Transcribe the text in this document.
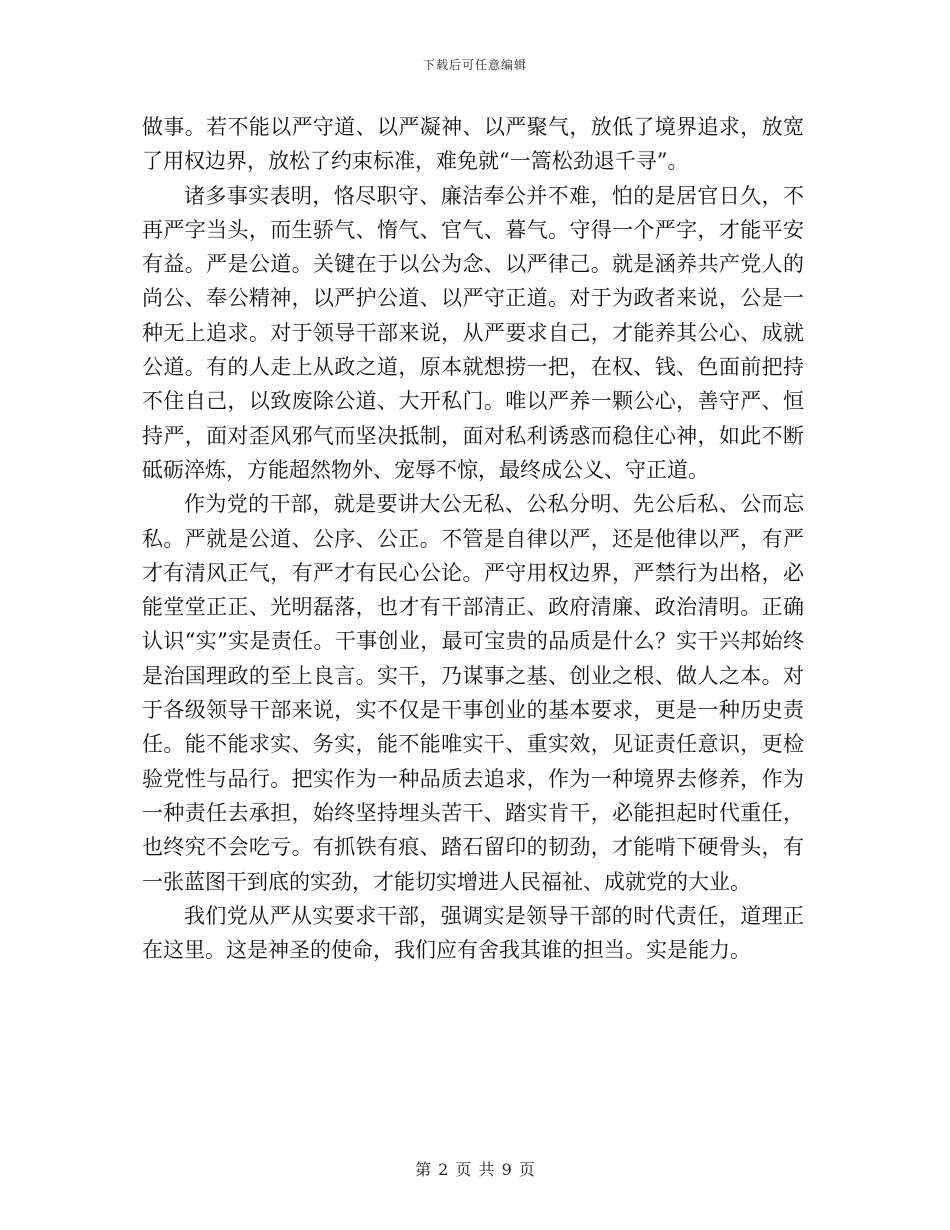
下载后可任意编辑

做事。若不能以严守道、以严凝神、以严聚气，放低了境界追求，放宽了用权边界，放松了约束标准，难免就“一篙松劲退千寻”。

诸多事实表明，恪尽职守、廉洁奉公并不难，怕的是居官日久，不再严字当头，而生骄气、惰气、官气、暮气。守得一个严字，才能平安有益。严是公道。关键在于以公为念、以严律己。就是涵养共产党人的尚公、奉公精神，以严护公道、以严守正道。对于为政者来说，公是一种无上追求。对于领导干部来说，从严要求自己，才能养其公心、成就公道。有的人走上从政之道，原本就想捞一把，在权、钱、色面前把持不住自己，以致废除公道、大开私门。唯以严养一颗公心，善守严、恒持严，面对歪风邪气而坚决抵制，面对私利诱惑而稳住心神，如此不断砥砺淬炼，方能超然物外、宠辱不惊，最终成公义、守正道。

作为党的干部，就是要讲大公无私、公私分明、先公后私、公而忘私。严就是公道、公序、公正。不管是自律以严，还是他律以严，有严才有清风正气，有严才有民心公论。严守用权边界，严禁行为出格，必能堂堂正正、光明磊落，也才有干部清正、政府清廉、政治清明。正确认识“实”实是责任。干事创业，最可宝贵的品质是什么？实干兴邦始终是治国理政的至上良言。实干，乃谋事之基、创业之根、做人之本。对于各级领导干部来说，实不仅是干事创业的基本要求，更是一种历史责任。能不能求实、务实，能不能唯实干、重实效，见证责任意识，更检验党性与品行。把实作为一种品质去追求，作为一种境界去修养，作为一种责任去承担，始终坚持埋头苦干、踏实肯干，必能担起时代重任，也终究不会吃亏。有抓铁有痕、踏石留印的韧劲，才能啃下硬骨头，有一张蓝图干到底的实劲，才能切实增进人民福祉、成就党的大业。

我们党从严从实要求干部，强调实是领导干部的时代责任，道理正在这里。这是神圣的使命，我们应有舍我其谁的担当。实是能力。

第 2 页 共 9 页
